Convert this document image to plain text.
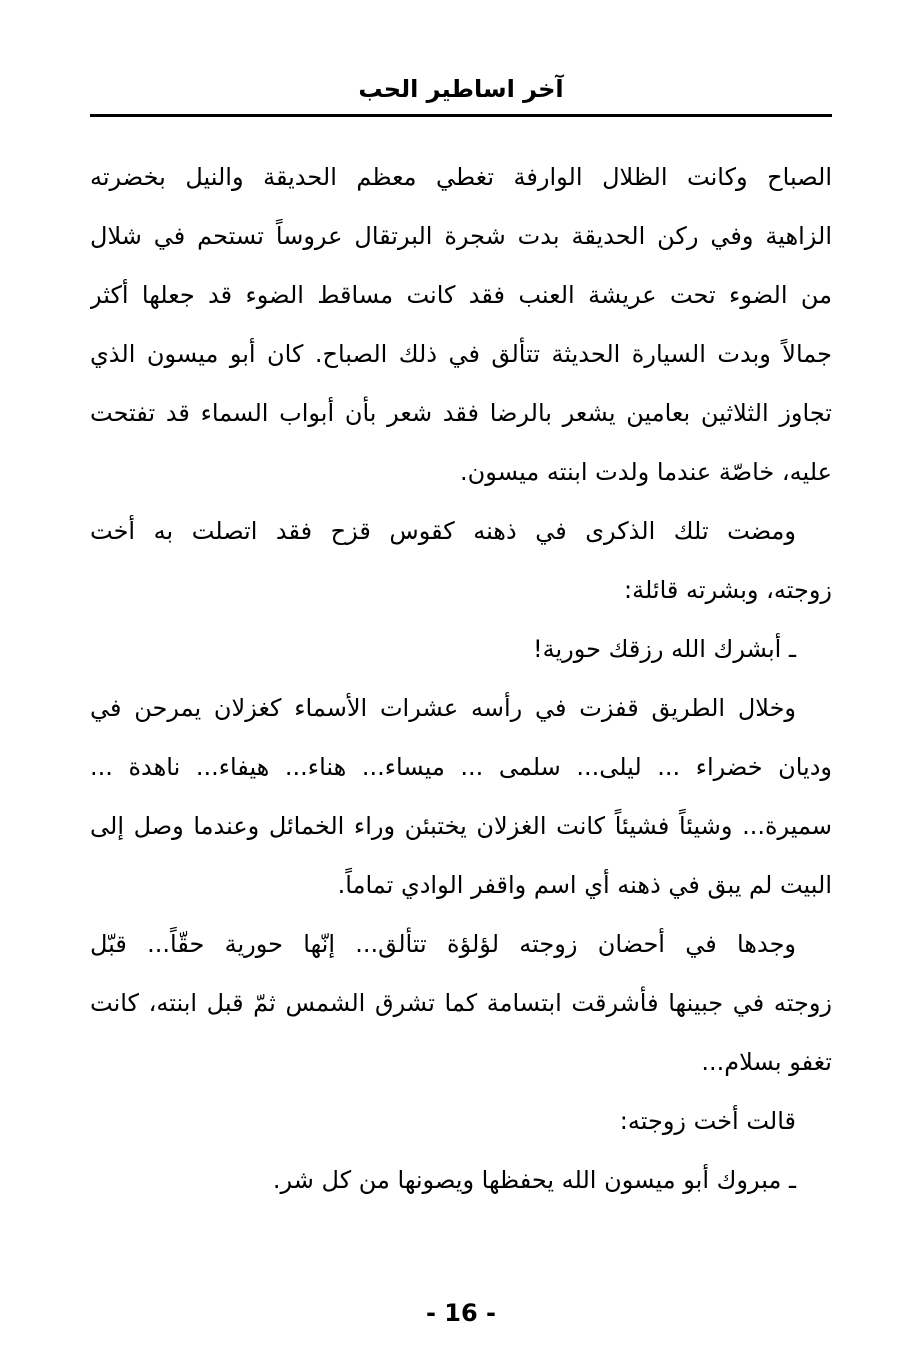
آخر اساطير الحب
الصباح وكانت الظلال الوارفة تغطي معظم الحديقة والنيل بخضرته
الزاهية وفي ركن الحديقة بدت شجرة البرتقال عروساً تستحم في شلال
من الضوء تحت عريشة العنب فقد كانت مساقط الضوء قد جعلها أكثر
جمالاً وبدت السيارة الحديثة تتألق في ذلك الصباح. كان أبو ميسون الذي
تجاوز الثلاثين بعامين يشعر بالرضا فقد شعر بأن أبواب السماء قد تفتحت
عليه، خاصّة عندما ولدت ابنته ميسون.
ومضت تلك الذكرى في ذهنه كقوس قزح فقد اتصلت به أخت
زوجته، وبشرته قائلة:
ـ أبشرك الله رزقك حورية!
وخلال الطريق قفزت في رأسه عشرات الأسماء كغزلان يمرحن في
وديان خضراء ... ليلى... سلمى ... ميساء... هناء... هيفاء... ناهدة ...
سميرة... وشيئاً فشيئاً كانت الغزلان يختبئن وراء الخمائل وعندما وصل إلى
البيت لم يبق في ذهنه أي اسم واقفر الوادي تماماً.
وجدها في أحضان زوجته لؤلؤة تتألق... إنّها حورية حقّاً... قبّل
زوجته في جبينها فأشرقت ابتسامة كما تشرق الشمس ثمّ قبل ابنته، كانت
تغفو بسلام...
قالت أخت زوجته:
ـ مبروك أبو ميسون الله يحفظها ويصونها من كل شر.
- 16 -
